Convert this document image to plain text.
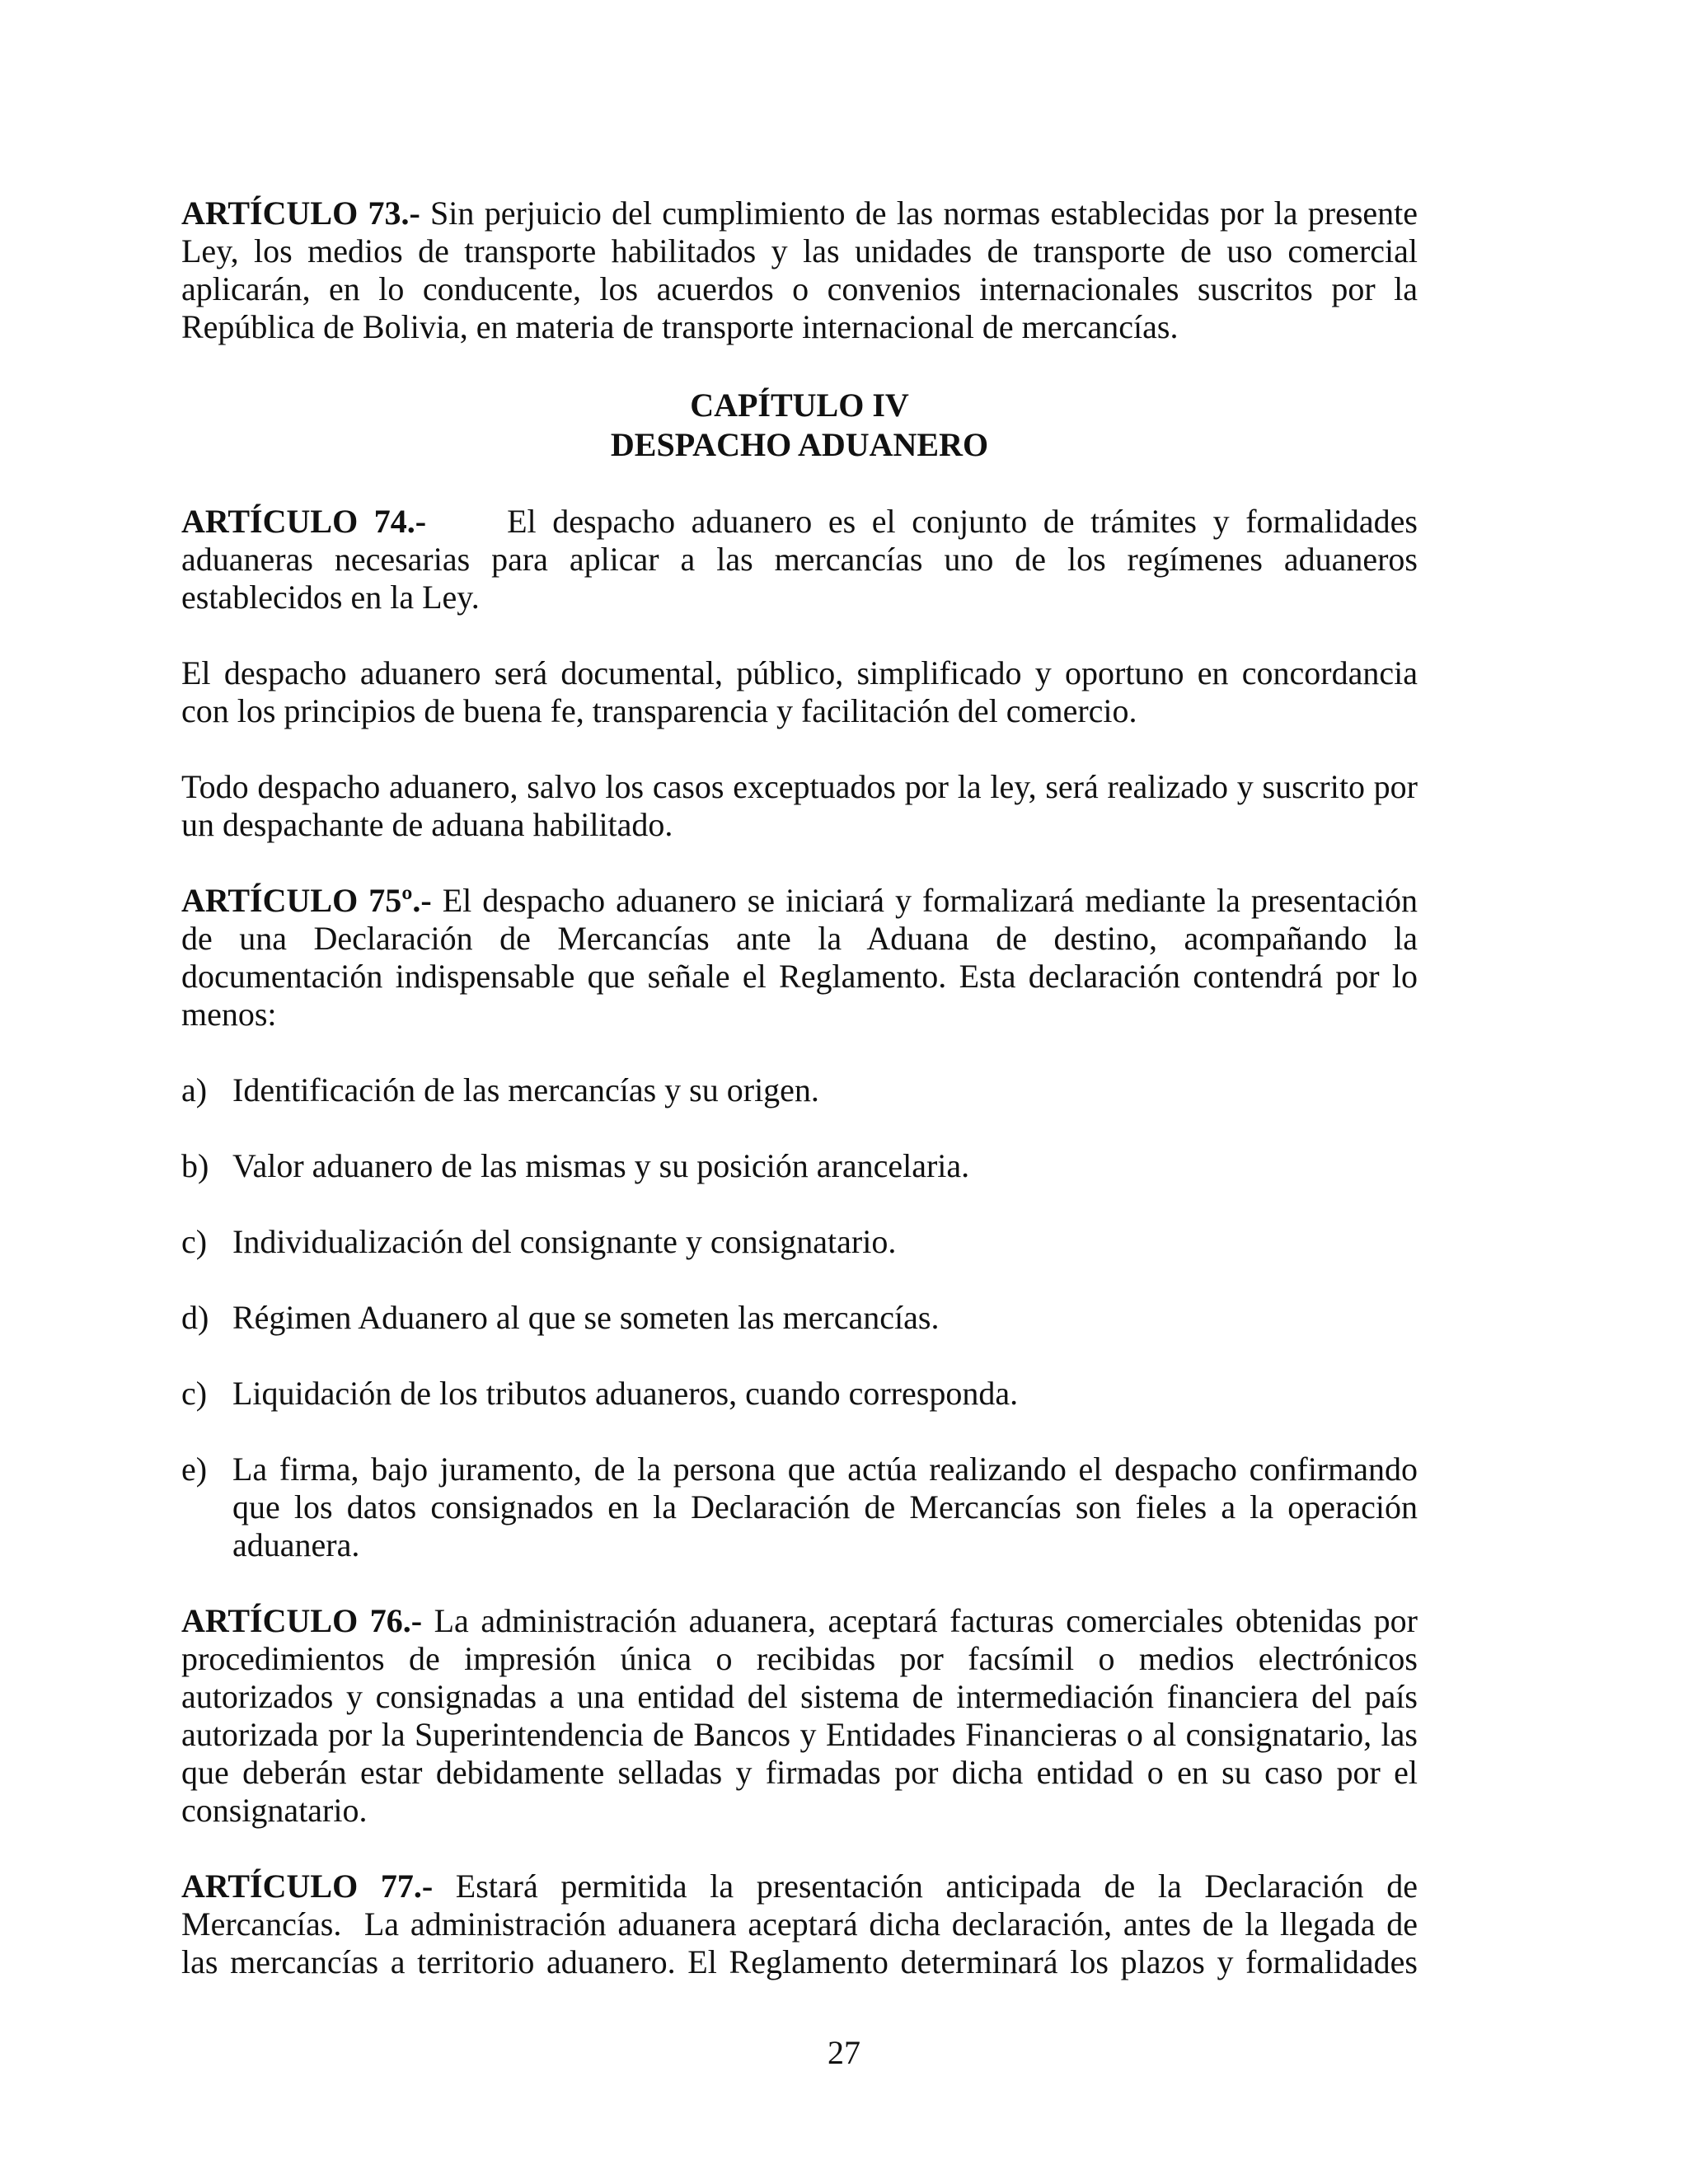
ARTÍCULO 73.- Sin perjuicio del cumplimiento de las normas establecidas por la presente Ley, los medios de transporte habilitados y las unidades de transporte de uso comercial aplicarán, en lo conducente, los acuerdos o convenios internacionales suscritos por la República de Bolivia, en materia de transporte internacional de mercancías.

CAPÍTULO IV
DESPACHO ADUANERO

ARTÍCULO 74.-     El despacho aduanero es el conjunto de trámites y formalidades aduaneras necesarias para aplicar a las mercancías uno de los regímenes aduaneros establecidos en la Ley.

El despacho aduanero será documental, público, simplificado y oportuno en concordancia con los principios de buena fe, transparencia y facilitación del comercio.

Todo despacho aduanero, salvo los casos exceptuados por la ley, será realizado y suscrito por un despachante de aduana habilitado.

ARTÍCULO 75º.- El despacho aduanero se iniciará y formalizará mediante la presentación de una Declaración de Mercancías ante la Aduana de destino, acompañando la documentación indispensable que señale el Reglamento. Esta declaración contendrá por lo menos:

a) Identificación de las mercancías y su origen.
b) Valor aduanero de las mismas y su posición arancelaria.
c) Individualización del consignante y consignatario.
d) Régimen Aduanero al que se someten las mercancías.
c) Liquidación de los tributos aduaneros, cuando corresponda.
e) La firma, bajo juramento, de la persona que actúa realizando el despacho confirmando que los datos consignados en la Declaración de Mercancías son fieles a la operación aduanera.

ARTÍCULO 76.- La administración aduanera, aceptará facturas comerciales obtenidas por procedimientos de impresión única o recibidas por facsímil o medios electrónicos autorizados y consignadas a una entidad del sistema de intermediación financiera del país autorizada por la Superintendencia de Bancos y Entidades Financieras o al consignatario, las que deberán estar debidamente selladas y firmadas por dicha entidad o en su caso por el consignatario.

ARTÍCULO 77.- Estará permitida la presentación anticipada de la Declaración de Mercancías.  La administración aduanera aceptará dicha declaración, antes de la llegada de las mercancías a territorio aduanero. El Reglamento determinará los plazos y formalidades

27
